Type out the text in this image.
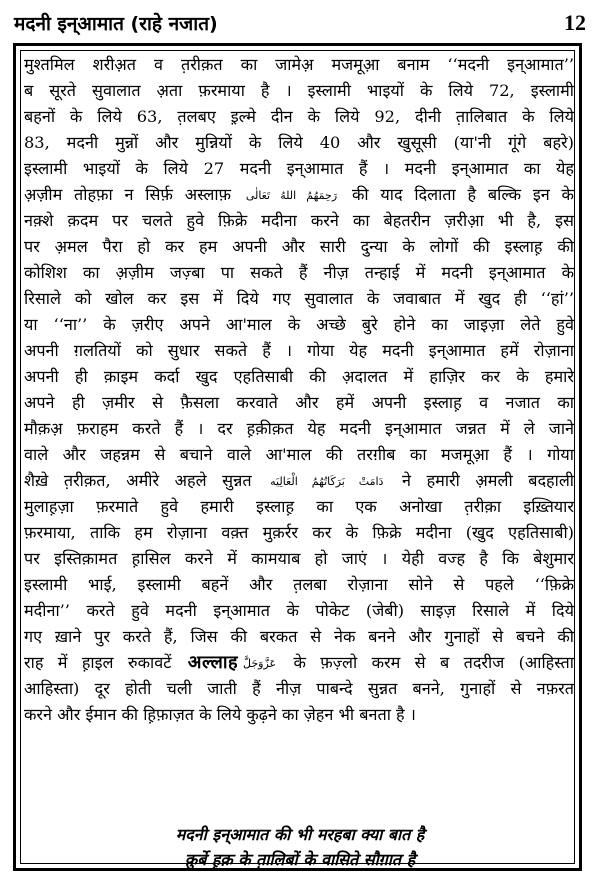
मदनी इन्आमात (राहे नजात)	12
मुश्तमिल शरीअ़त व त़रीक़त का जामेअ़ मजमूआ़ बनाम ‘‘मदनी इन्आमात’’
ब सूरते सुवालात अ़ता फ़रमाया है । इस्लामी भाइयों के लिये 72, इस्लामी
बहनों के लिये 63, त़लबए इ़ल्मे दीन के लिये 92, दीनी त़ालिबात के लिये
83, मदनी मुन्नों और मुन्नियों के लिये 40 और खुसूसी (या'नी गूंगे बहरे)
इस्लामी भाइयों के लिये 27 मदनी इन्आमात हैं । मदनी इन्आमात का येह
अ़ज़ीम तोहफ़ा न सिर्फ़ अस्लाफ़ رَحِمَهُمُ اللهُ تَعَالٰی की याद दिलाता है बल्कि इन के
नक़्शे क़दम पर चलते हुवे फ़िक्रे मदीना करने का बेहतरीन ज़रीआ़ भी है, इस
पर अ़मल पैरा हो कर हम अपनी और सारी दुन्या के लोगों की इस्लाह़ की
कोशिश का अ़ज़ीम जज़्बा पा सकते हैं नीज़ तन्हाई में मदनी इन्आमात के
रिसाले को खोल कर इस में दिये गए सुवालात के जवाबात में खुद ही ‘‘हां’’
या ‘‘ना’’ के ज़रीए अपने आ'माल के अच्छे बुरे होने का जाइज़ा लेते हुवे
अपनी ग़लतियों को सुधार सकते हैं । गोया येह मदनी इन्आमात हमें रोज़ाना
अपनी ही क़ाइम कर्दा खुद एहतिसाबी की अ़दालत में हाज़िर कर के हमारे
अपने ही ज़मीर से फ़ैसला करवाते और हमें अपनी इस्लाह़ व नजात का
मौक़अ़ फ़राहम करते हैं । दर ह़क़ीक़त येह मदनी इन्आमात जन्नत में ले जाने
वाले और जहन्नम से बचाने वाले आ'माल की तरग़ीब का मजमूआ़ हैं । गोया
शैख़े त़रीक़त, अमीरे अहले सुन्नत دَامَتْ بَرَكَاتُهُمُ الْعَالِيَه ने हमारी अ़मली बदहाली
मुलाह़ज़ा फ़रमाते हुवे हमारी इस्लाह़ का एक अनोखा त़रीक़ा इख़्तियार
फ़रमाया, ताकि हम रोज़ाना वक़्त मुक़र्रर कर के फ़िक्रे मदीना (खुद एहतिसाबी)
पर इस्तिक़ामत ह़ासिल करने में कामयाब हो जाएं । येही वज्ह है कि बेशुमार
इस्लामी भाई, इस्लामी बहनें और त़लबा रोज़ाना सोने से पहले ‘‘फ़िक्रे
मदीना’’ करते हुवे मदनी इन्आमात के पोकेट (जेबी) साइज़ रिसाले में दिये
गए ख़ाने पुर करते हैं, जिस की बरकत से नेक बनने और गुनाहों से बचने की
राह में ह़ाइल रुकावटें अल्लाह عَزَّوَجَلَّ के फ़ज़्लो करम से ब तदरीज (आहिस्ता
आहिस्ता) दूर होती चली जाती हैं नीज़ पाबन्दे सुन्नत बनने, गुनाहों से नफ़रत
करने और ईमान की ह़िफ़ाज़त के लिये कुढ़ने का ज़ेहन भी बनता है ।
मदनी इन्आमात की भी मरहबा क्या बात है
क़ुर्बे ह़क़ के त़ालिबों के वासिते सौग़ात है
